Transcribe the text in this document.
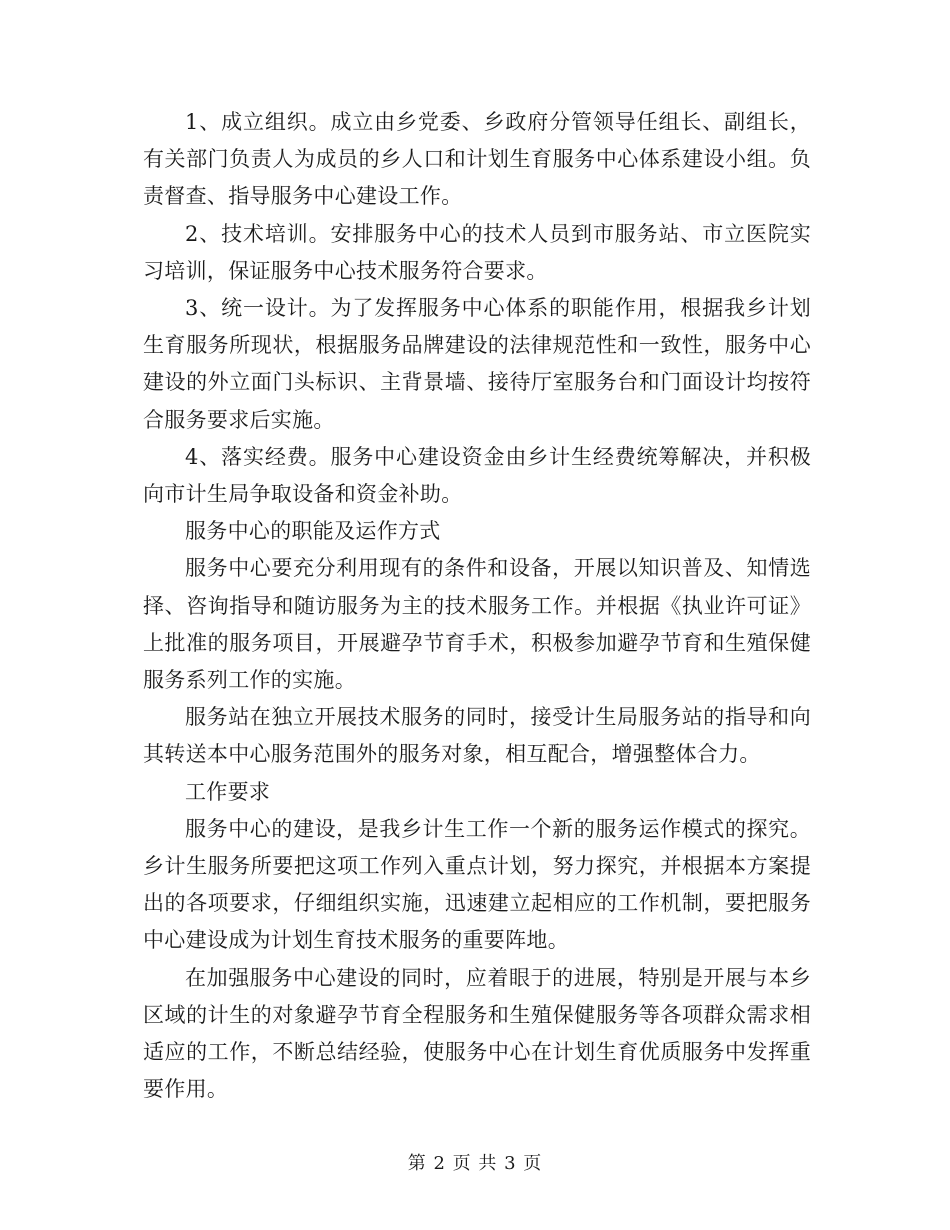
1、成立组织。成立由乡党委、乡政府分管领导任组长、副组长，有关部门负责人为成员的乡人口和计划生育服务中心体系建设小组。负责督查、指导服务中心建设工作。

2、技术培训。安排服务中心的技术人员到市服务站、市立医院实习培训，保证服务中心技术服务符合要求。

3、统一设计。为了发挥服务中心体系的职能作用，根据我乡计划生育服务所现状，根据服务品牌建设的法律规范性和一致性，服务中心建设的外立面门头标识、主背景墙、接待厅室服务台和门面设计均按符合服务要求后实施。

4、落实经费。服务中心建设资金由乡计生经费统筹解决，并积极向市计生局争取设备和资金补助。

服务中心的职能及运作方式

服务中心要充分利用现有的条件和设备，开展以知识普及、知情选择、咨询指导和随访服务为主的技术服务工作。并根据《执业许可证》上批准的服务项目，开展避孕节育手术，积极参加避孕节育和生殖保健服务系列工作的实施。

服务站在独立开展技术服务的同时，接受计生局服务站的指导和向其转送本中心服务范围外的服务对象，相互配合，增强整体合力。

工作要求

服务中心的建设，是我乡计生工作一个新的服务运作模式的探究。乡计生服务所要把这项工作列入重点计划，努力探究，并根据本方案提出的各项要求，仔细组织实施，迅速建立起相应的工作机制，要把服务中心建设成为计划生育技术服务的重要阵地。

在加强服务中心建设的同时，应着眼于的进展，特别是开展与本乡区域的计生的对象避孕节育全程服务和生殖保健服务等各项群众需求相适应的工作，不断总结经验，使服务中心在计划生育优质服务中发挥重要作用。

第 2 页 共 3 页
